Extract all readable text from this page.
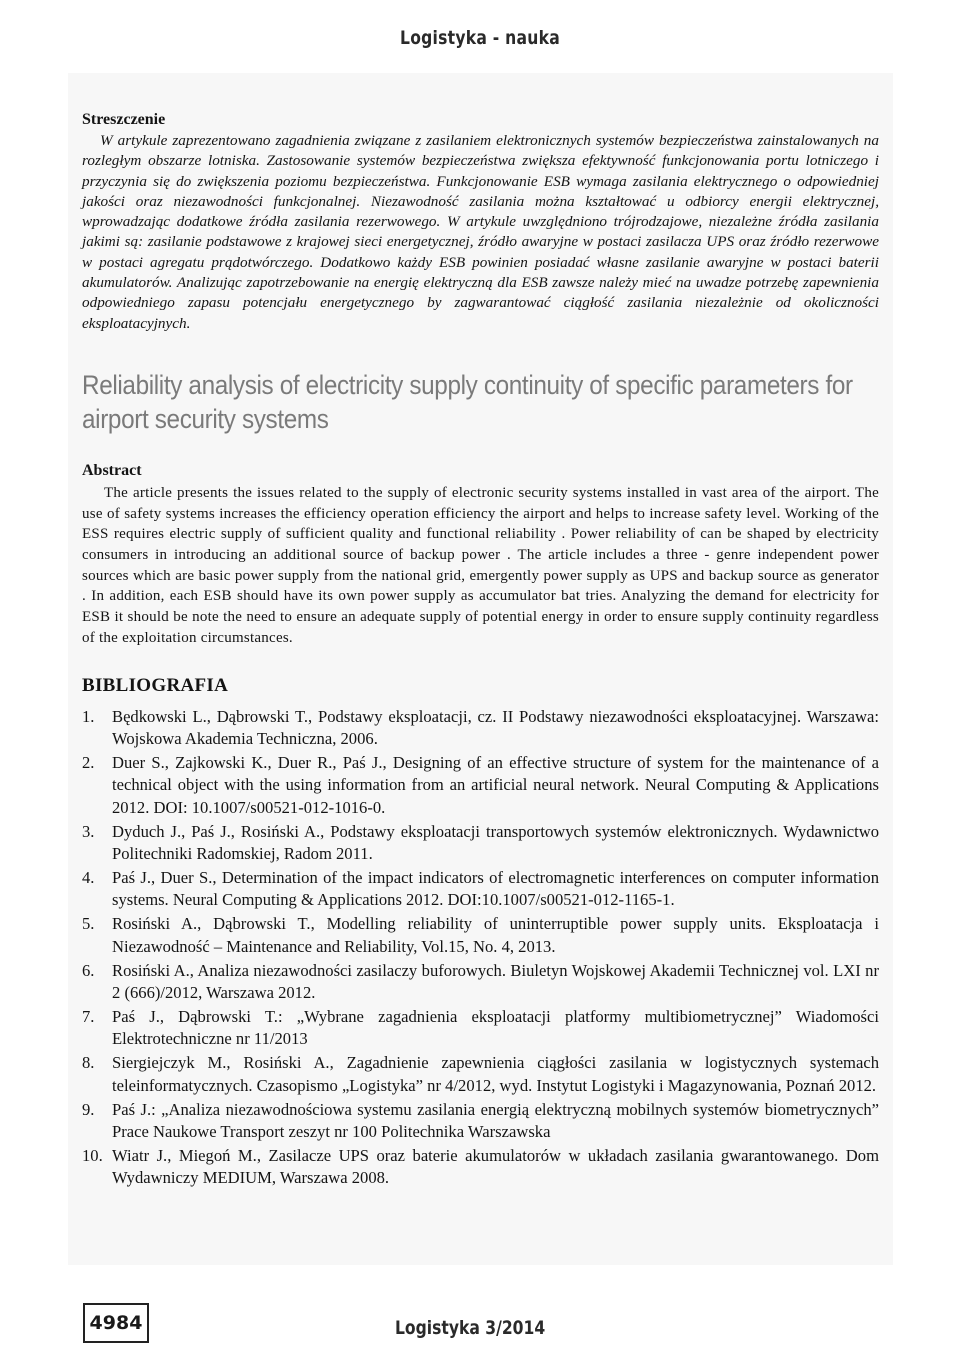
Logistyka - nauka
Streszczenie

W artykule zaprezentowano zagadnienia związane z zasilaniem elektronicznych systemów bezpieczeństwa zainstalowanych na rozległym obszarze lotniska. Zastosowanie systemów bezpieczeństwa zwiększa efektywność funkcjonowania portu lotniczego i przyczynia się do zwiększenia poziomu bezpieczeństwa. Funkcjonowanie ESB wymaga zasilania elektrycznego o odpowiedniej jakości oraz niezawodności funkcjonalnej. Niezawodność zasilania można kształtować u odbiorcy energii elektrycznej, wprowadzając dodatkowe źródła zasilania rezerwowego. W artykule uwzględniono trójrodzajowe, niezależne źródła zasilania jakimi są: zasilanie podstawowe z krajowej sieci energetycznej, źródło awaryjne w postaci zasilacza UPS oraz źródło rezerwowe w postaci agregatu prądotwórczego. Dodatkowo każdy ESB powinien posiadać własne zasilanie awaryjne w postaci baterii akumulatorów. Analizując zapotrzebowanie na energię elektryczną dla ESB zawsze należy mieć na uwadze potrzebę zapewnienia odpowiedniego zapasu potencjału energetycznego by zagwarantować ciągłość zasilania niezależnie od okoliczności eksploatacyjnych.

Reliability analysis of electricity supply continuity of specific parameters for airport security systems
Abstract

The article presents the issues related to the supply of electronic security systems installed in vast area of the airport. The use of safety systems increases the efficiency operation efficiency the airport and helps to increase safety level. Working of the ESS requires electric supply of sufficient quality and functional reliability . Power reliability of can be shaped by electricity consumers in introducing an additional source of backup power . The article includes a three - genre independent power sources which are basic power supply from the national grid, emergently power supply as UPS and backup source as generator . In addition, each ESB should have its own power supply as accumulator bat tries. Analyzing the demand for electricity for ESB it should be note the need to ensure an adequate supply of potential energy in order to ensure supply continuity regardless of the exploitation circumstances.

BIBLIOGRAFIA
1. Będkowski L., Dąbrowski T., Podstawy eksploatacji, cz. II Podstawy niezawodności eksploatacyjnej. Warszawa: Wojskowa Akademia Techniczna, 2006.
2. Duer S., Zajkowski K., Duer R., Paś J., Designing of an effective structure of system for the maintenance of a technical object with the using information from an artificial neural network. Neural Computing & Applications 2012. DOI: 10.1007/s00521-012-1016-0.
3. Dyduch J., Paś J., Rosiński A., Podstawy eksploatacji transportowych systemów elektronicznych. Wydawnictwo Politechniki Radomskiej, Radom 2011.
4. Paś J., Duer S., Determination of the impact indicators of electromagnetic interferences on computer information systems. Neural Computing & Applications 2012. DOI:10.1007/s00521-012-1165-1.
5. Rosiński A., Dąbrowski T., Modelling reliability of uninterruptible power supply units. Eksploatacja i Niezawodność – Maintenance and Reliability, Vol.15, No. 4, 2013.
6. Rosiński A., Analiza niezawodności zasilaczy buforowych. Biuletyn Wojskowej Akademii Technicznej vol. LXI nr 2 (666)/2012, Warszawa 2012.
7. Paś J., Dąbrowski T.: „Wybrane zagadnienia eksploatacji platformy multibiometrycznej” Wiadomości Elektrotechniczne nr 11/2013
8. Siergiejczyk M., Rosiński A., Zagadnienie zapewnienia ciągłości zasilania w logistycznych systemach teleinformatycznych. Czasopismo „Logistyka” nr 4/2012, wyd. Instytut Logistyki i Magazynowania, Poznań 2012.
9. Paś J.: „Analiza niezawodnościowa systemu zasilania energią elektryczną mobilnych systemów biometrycznych” Prace Naukowe Transport zeszyt nr 100 Politechnika Warszawska
10. Wiatr J., Miegoń M., Zasilacze UPS oraz baterie akumulatorów w układach zasilania gwarantowanego. Dom Wydawniczy MEDIUM, Warszawa 2008.
4984	Logistyka 3/2014
